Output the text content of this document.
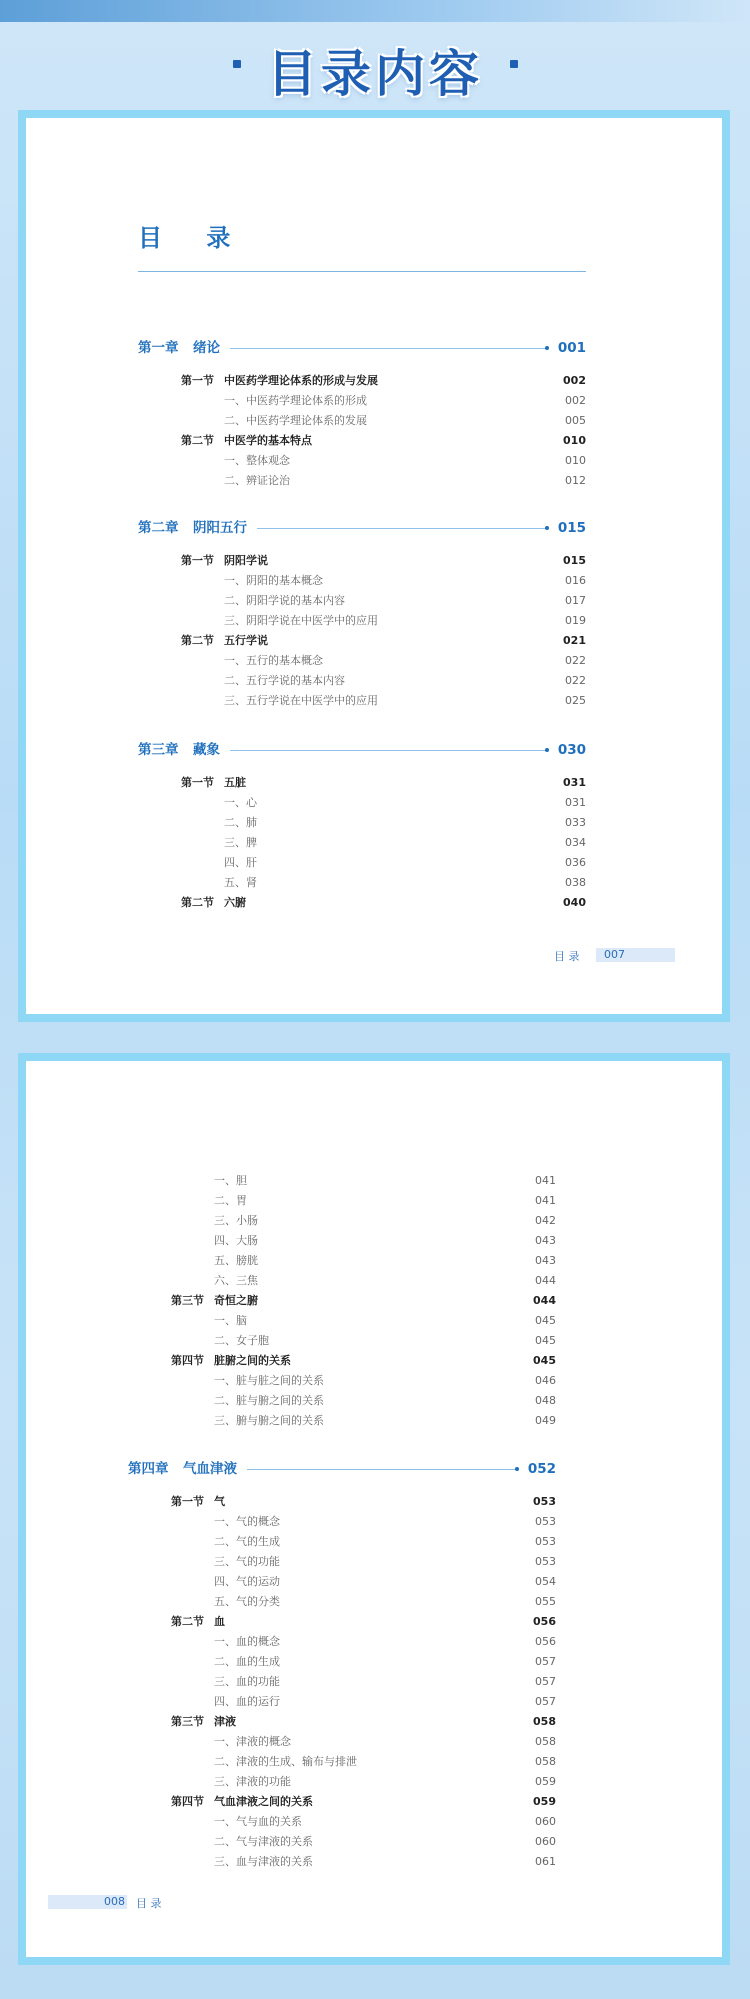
目录内容
目 录
目 录 007
第一章 绪论	001
第一节 中医药学理论体系的形成与发展	002
一、中医药学理论体系的形成	002
二、中医药学理论体系的发展	005
第二节 中医学的基本特点	010
一、整体观念	010
二、辨证论治	012
第二章 阴阳五行	015
第一节 阴阳学说	015
一、阴阳的基本概念	016
二、阴阳学说的基本内容	017
三、阴阳学说在中医学中的应用	019
第二节 五行学说	021
一、五行的基本概念	022
二、五行学说的基本内容	022
三、五行学说在中医学中的应用	025
第三章 藏象	030
第一节 五脏	031
一、心	031
二、肺	033
三、脾	034
四、肝	036
五、肾	038
第二节 六腑	040
008 目 录
一、胆	041
二、胃	041
三、小肠	042
四、大肠	043
五、膀胱	043
六、三焦	044
第三节 奇恒之腑	044
一、脑	045
二、女子胞	045
第四节 脏腑之间的关系	045
一、脏与脏之间的关系	046
二、脏与腑之间的关系	048
三、腑与腑之间的关系	049
第四章 气血津液	052
第一节 气	053
一、气的概念	053
二、气的生成	053
三、气的功能	053
四、气的运动	054
五、气的分类	055
第二节 血	056
一、血的概念	056
二、血的生成	057
三、血的功能	057
四、血的运行	057
第三节 津液	058
一、津液的概念	058
二、津液的生成、输布与排泄	058
三、津液的功能	059
第四节 气血津液之间的关系	059
一、气与血的关系	060
二、气与津液的关系	060
三、血与津液的关系	061
